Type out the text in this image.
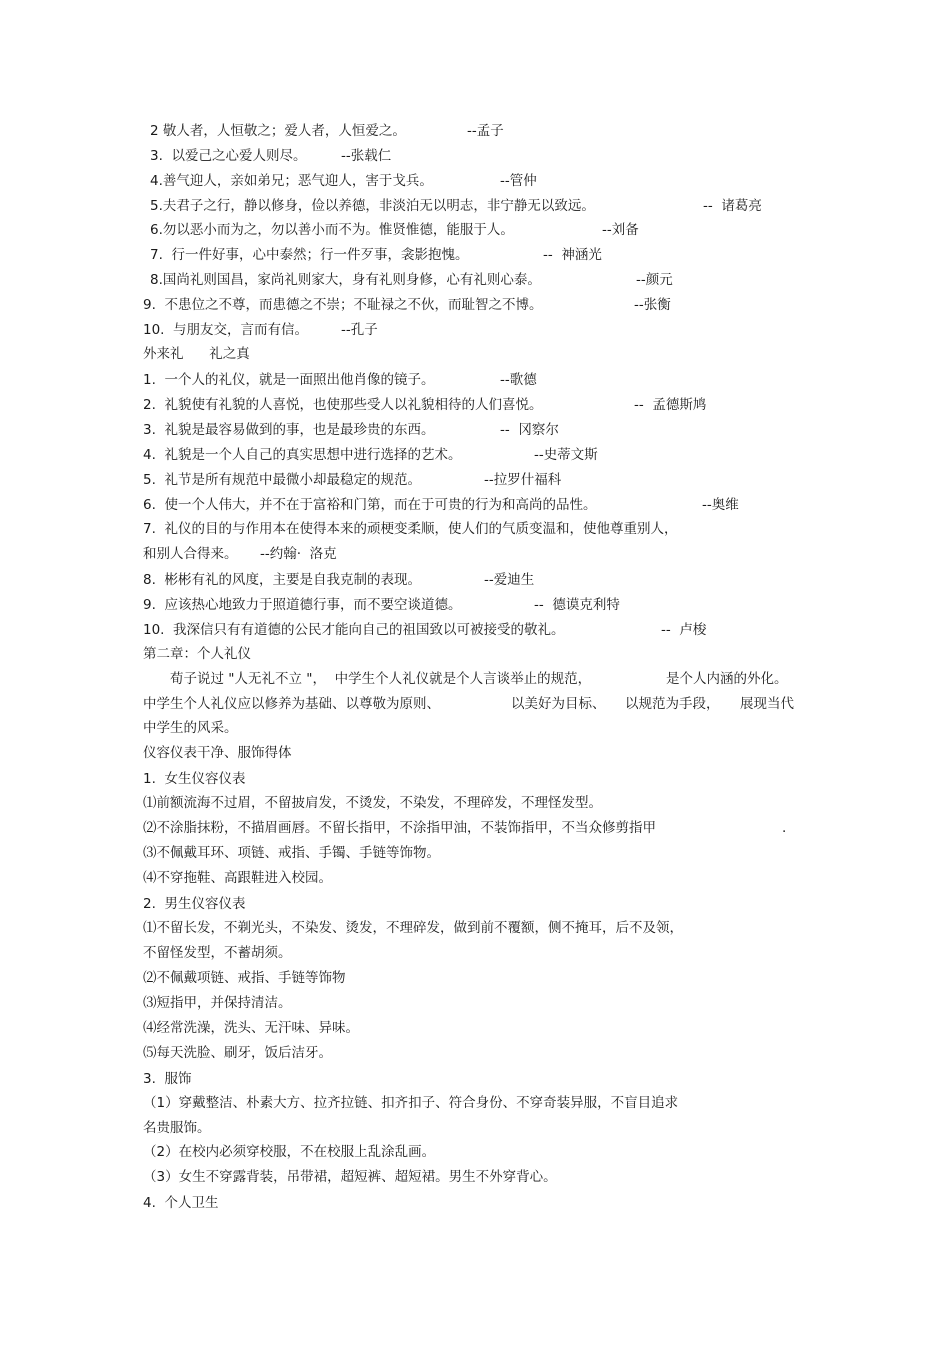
2 敬人者，人恒敬之；爱人者，人恒爱之。	--孟子
3.  以爱己之心爱人则尽。	--张载仁
4.善气迎人，亲如弟兄；恶气迎人，害于戈兵。	--管仲
5.夫君子之行，静以修身，俭以养德，非淡泊无以明志，非宁静无以致远。	--  诸葛亮
6.勿以恶小而为之，勿以善小而不为。惟贤惟德，能服于人。	--刘备
7.  行一件好事，心中泰然；行一件歹事，衾影抱愧。	--  神涵光
8.国尚礼则国昌，家尚礼则家大，身有礼则身修，心有礼则心泰。	--颜元
9.  不患位之不尊，而患德之不崇；不耻禄之不伙，而耻智之不博。	--张衡
10.  与朋友交，言而有信。 --孔子
外来礼      礼之真
1.  一个人的礼仪，就是一面照出他肖像的镜子。	--歌德
2.  礼貌使有礼貌的人喜悦，也使那些受人以礼貌相待的人们喜悦。	--  孟德斯鸠
3.  礼貌是最容易做到的事，也是最珍贵的东西。	--  冈察尔
4.  礼貌是一个人自己的真实思想中进行选择的艺术。	--史蒂文斯
5.  礼节是所有规范中最微小却最稳定的规范。	--拉罗什福科
6.  使一个人伟大，并不在于富裕和门第，而在于可贵的行为和高尚的品性。	--奥维
7.  礼仪的目的与作用本在使得本来的顽梗变柔顺，使人们的气质变温和，使他尊重别人，
和别人合得来。 --约翰·  洛克
8.  彬彬有礼的风度，主要是自我克制的表现。	--爱迪生
9.  应该热心地致力于照道德行事，而不要空谈道德。	--  德谟克利特
10.  我深信只有有道德的公民才能向自己的祖国致以可被接受的敬礼。	--  卢梭
第二章：个人礼仪
荀子说过 "人无礼不立 "，  中学生个人礼仪就是个人言谈举止的规范，	是个人内涵的外化。
中学生个人礼仪应以修养为基础、以尊敬为原则、	以美好为目标、 以规范为手段， 展现当代
中学生的风采。
仪容仪表干净、服饰得体
1.  女生仪容仪表
⑴前额流海不过眉，不留披肩发，不烫发，不染发，不理碎发，不理怪发型。
⑵不涂脂抹粉，不描眉画唇。不留长指甲，不涂指甲油，不装饰指甲，不当众修剪指甲	.
⑶不佩戴耳环、项链、戒指、手镯、手链等饰物。
⑷不穿拖鞋、高跟鞋进入校园。
2.  男生仪容仪表
⑴不留长发，不剃光头，不染发、烫发，不理碎发，做到前不覆额，侧不掩耳，后不及领，
不留怪发型，不蓄胡须。
⑵不佩戴项链、戒指、手链等饰物
⑶短指甲，并保持清洁。
⑷经常洗澡，洗头、无汗味、异味。
⑸每天洗脸、刷牙，饭后洁牙。
3.  服饰
（1）穿戴整洁、朴素大方、拉齐拉链、扣齐扣子、符合身份、不穿奇装异服，不盲目追求
名贵服饰。
（2）在校内必须穿校服，不在校服上乱涂乱画。
（3）女生不穿露背装，吊带裙，超短裤、超短裙。男生不外穿背心。
4.  个人卫生
